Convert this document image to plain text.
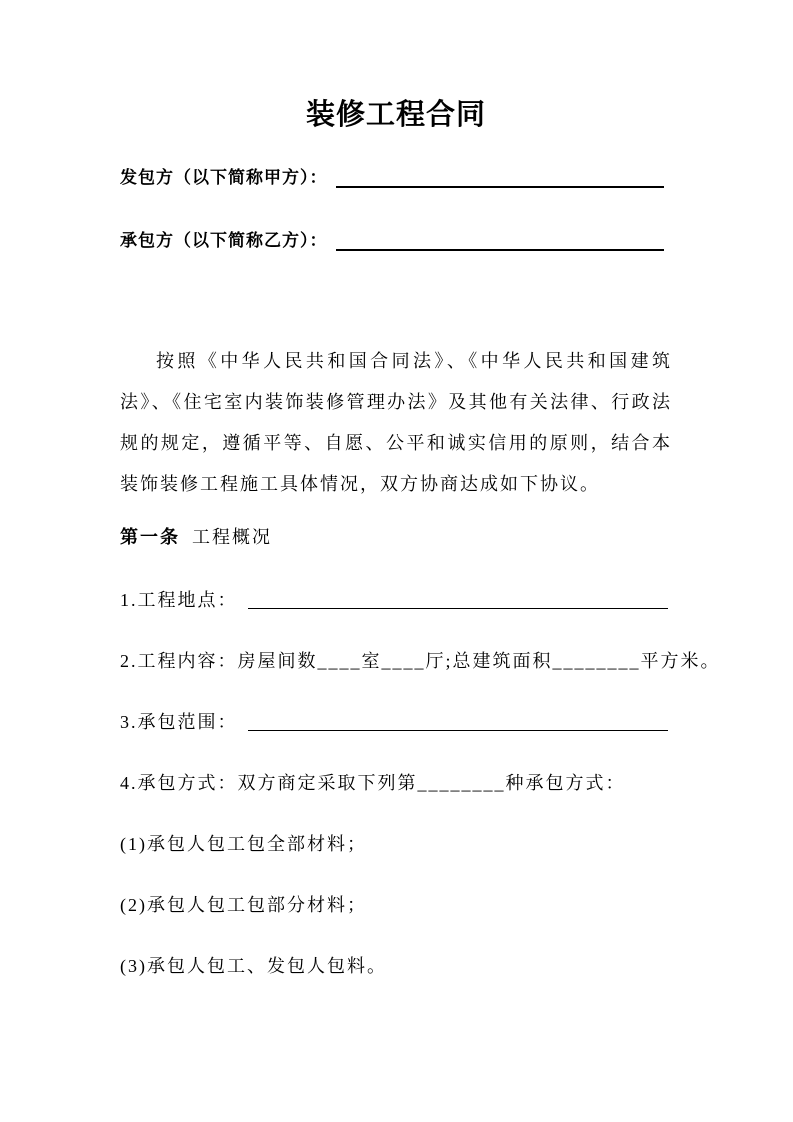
装修工程合同
发包方（以下简称甲方）：
承包方（以下简称乙方）：

按照《中华人民共和国合同法》、《中华人民共和国建筑法》、《住宅室内装饰装修管理办法》及其他有关法律、行政法规的规定，遵循平等、自愿、公平和诚实信用的原则，结合本装饰装修工程施工具体情况，双方协商达成如下协议。

第一条 工程概况
1.工程地点：
2.工程内容：房屋间数____室____厅;总建筑面积________平方米。
3.承包范围：
4.承包方式：双方商定采取下列第________种承包方式：
(1)承包人包工包全部材料；
(2)承包人包工包部分材料；
(3)承包人包工、发包人包料。
